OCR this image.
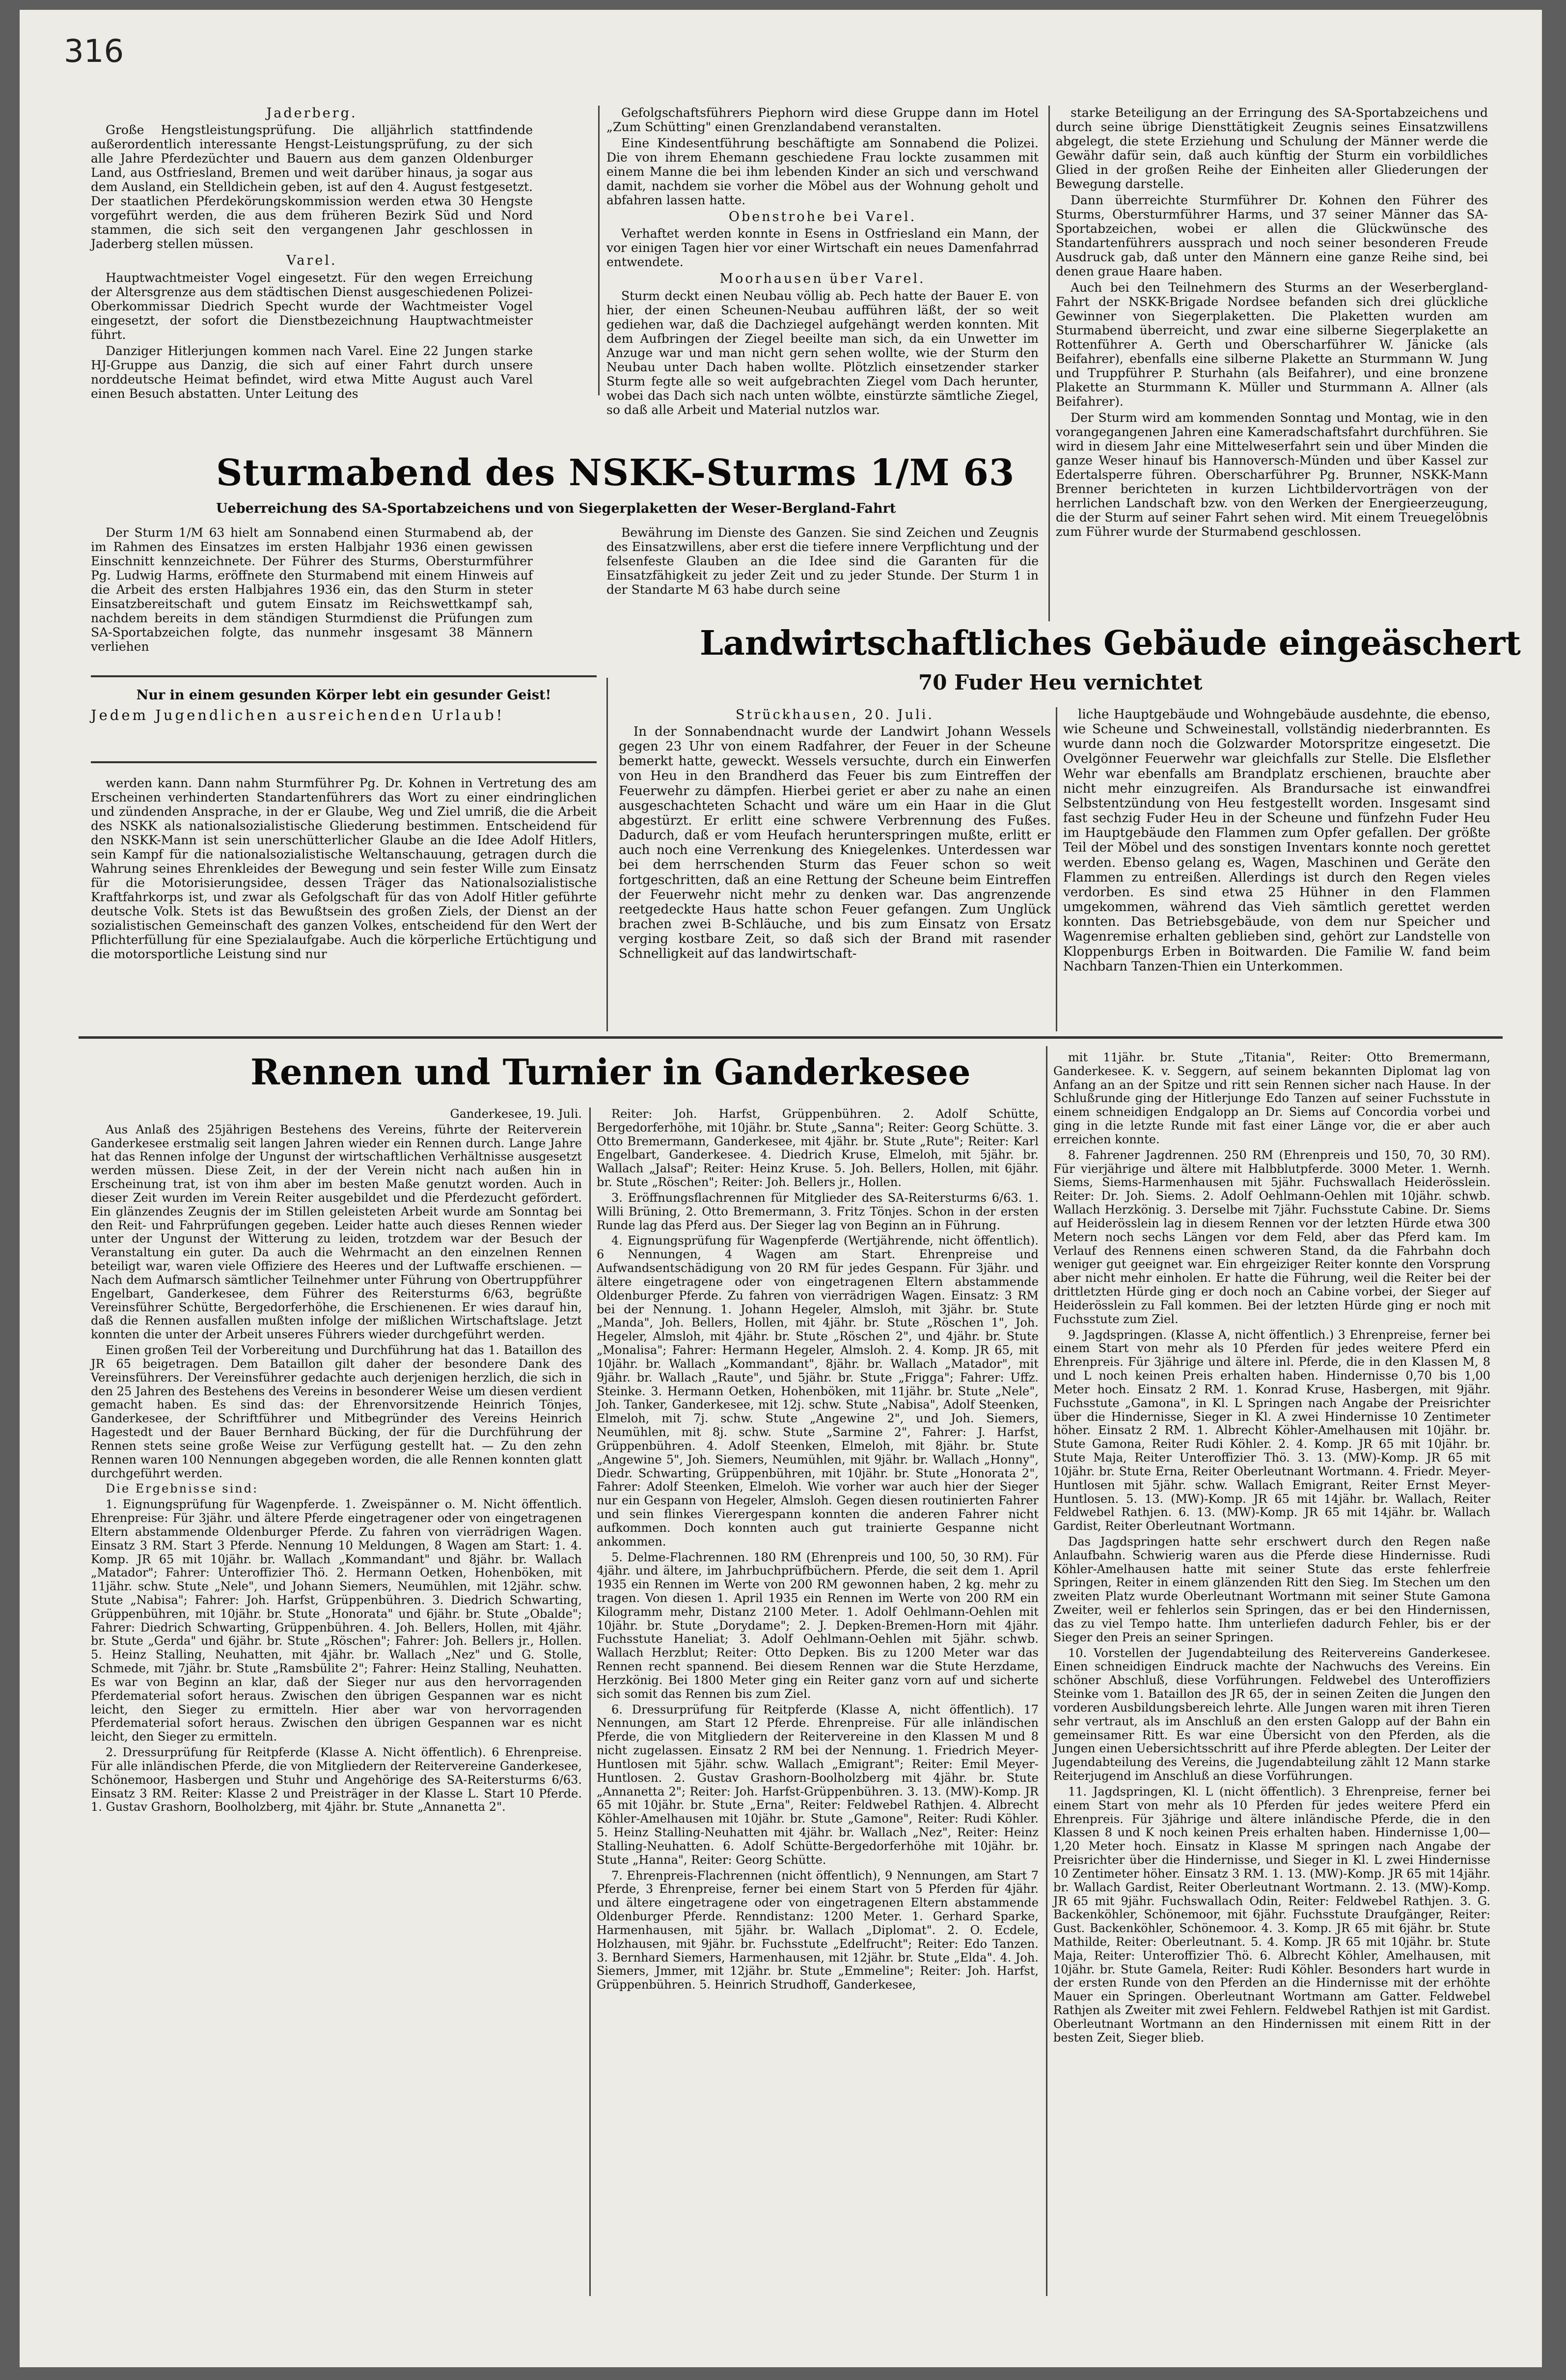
316
Jaderberg.

Große Hengstleistungsprüfung. Die alljährlich stattfindende außerordentlich interessante Hengst-Leistungsprüfung, zu der sich alle Jahre Pferdezüchter und Bauern aus dem ganzen Oldenburger Land, aus Ostfriesland, Bremen und weit darüber hinaus, ja sogar aus dem Ausland, ein Stelldichein geben, ist auf den 4. August festgesetzt. Der staatlichen Pferdekörungskommission werden etwa 30 Hengste vorgeführt werden, die aus dem früheren Bezirk Süd und Nord stammen, die sich seit den vergangenen Jahr geschlossen in Jaderberg stellen müssen.

Varel.

Hauptwachtmeister Vogel eingesetzt. Für den wegen Erreichung der Altersgrenze aus dem städtischen Dienst ausgeschiedenen Polizei-Oberkommissar Diedrich Specht wurde der Wachtmeister Vogel eingesetzt, der sofort die Dienstbezeichnung Hauptwachtmeister führt.

Danziger Hitlerjungen kommen nach Varel. Eine 22 Jungen starke HJ-Gruppe aus Danzig, die sich auf einer Fahrt durch unsere norddeutsche Heimat befindet, wird etwa Mitte August auch Varel einen Besuch abstatten. Unter Leitung des

Gefolgschaftsführers Piephorn wird diese Gruppe dann im Hotel „Zum Schütting" einen Grenzlandabend veranstalten.

Eine Kindesentführung beschäftigte am Sonnabend die Polizei. Die von ihrem Ehemann geschiedene Frau lockte zusammen mit einem Manne die bei ihm lebenden Kinder an sich und verschwand damit, nachdem sie vorher die Möbel aus der Wohnung geholt und abfahren lassen hatte.

Obenstrohe bei Varel.

Verhaftet werden konnte in Esens in Ostfriesland ein Mann, der vor einigen Tagen hier vor einer Wirtschaft ein neues Damenfahrrad entwendete.

Moorhausen über Varel.

Sturm deckt einen Neubau völlig ab. Pech hatte der Bauer E. von hier, der einen Scheunen-Neubau aufführen läßt, der so weit gediehen war, daß die Dachziegel aufgehängt werden konnten. Mit dem Aufbringen der Ziegel beeilte man sich, da ein Unwetter im Anzuge war und man nicht gern sehen wollte, wie der Sturm den Neubau unter Dach haben wollte. Plötzlich einsetzender starker Sturm fegte alle so weit aufgebrachten Ziegel vom Dach herunter, wobei das Dach sich nach unten wölbte, einstürzte sämtliche Ziegel, so daß alle Arbeit und Material nutzlos war.

starke Beteiligung an der Erringung des SA-Sportabzeichens und durch seine übrige Diensttätigkeit Zeugnis seines Einsatzwillens abgelegt, die stete Erziehung und Schulung der Männer werde die Gewähr dafür sein, daß auch künftig der Sturm ein vorbildliches Glied in der großen Reihe der Einheiten aller Gliederungen der Bewegung darstelle.

Dann überreichte Sturmführer Dr. Kohnen den Führer des Sturms, Obersturmführer Harms, und 37 seiner Männer das SA-Sportabzeichen, wobei er allen die Glückwünsche des Standartenführers aussprach und noch seiner besonderen Freude Ausdruck gab, daß unter den Männern eine ganze Reihe sind, bei denen graue Haare haben.

Auch bei den Teilnehmern des Sturms an der Weserbergland-Fahrt der NSKK-Brigade Nordsee befanden sich drei glückliche Gewinner von Siegerplaketten. Die Plaketten wurden am Sturmabend überreicht, und zwar eine silberne Siegerplakette an Rottenführer A. Gerth und Oberscharführer W. Jänicke (als Beifahrer), ebenfalls eine silberne Plakette an Sturmmann W. Jung und Truppführer P. Sturhahn (als Beifahrer), und eine bronzene Plakette an Sturmmann K. Müller und Sturmmann A. Allner (als Beifahrer).

Der Sturm wird am kommenden Sonntag und Montag, wie in den vorangegangenen Jahren eine Kameradschaftsfahrt durchführen. Sie wird in diesem Jahr eine Mittelweserfahrt sein und über Minden die ganze Weser hinauf bis Hannoversch-Münden und über Kassel zur Edertalsperre führen. Oberscharführer Pg. Brunner, NSKK-Mann Brenner berichteten in kurzen Lichtbildervorträgen von der herrlichen Landschaft bzw. von den Werken der Energieerzeugung, die der Sturm auf seiner Fahrt sehen wird. Mit einem Treuegelöbnis zum Führer wurde der Sturmabend geschlossen.

Sturmabend des NSKK-Sturms 1/M 63
Ueberreichung des SA-Sportabzeichens und von Siegerplaketten der Weser-Bergland-Fahrt

Der Sturm 1/M 63 hielt am Sonnabend einen Sturmabend ab, der im Rahmen des Einsatzes im ersten Halbjahr 1936 einen gewissen Einschnitt kennzeichnete. Der Führer des Sturms, Obersturmführer Pg. Ludwig Harms, eröffnete den Sturmabend mit einem Hinweis auf die Arbeit des ersten Halbjahres 1936 ein, das den Sturm in steter Einsatzbereitschaft und gutem Einsatz im Reichswettkampf sah, nachdem bereits in dem ständigen Sturmdienst die Prüfungen zum SA-Sportabzeichen folgte, das nunmehr insgesamt 38 Männern verliehen

Bewährung im Dienste des Ganzen. Sie sind Zeichen und Zeugnis des Einsatzwillens, aber erst die tiefere innere Verpflichtung und der felsenfeste Glauben an die Idee sind die Garanten für die Einsatzfähigkeit zu jeder Zeit und zu jeder Stunde. Der Sturm 1 in der Standarte M 63 habe durch seine

Nur in einem gesunden Körper lebt ein gesunder Geist!
Jedem Jugendlichen ausreichenden Urlaub!

werden kann. Dann nahm Sturmführer Pg. Dr. Kohnen in Vertretung des am Erscheinen verhinderten Standartenführers das Wort zu einer eindringlichen und zündenden Ansprache, in der er Glaube, Weg und Ziel umriß, die die Arbeit des NSKK als nationalsozialistische Gliederung bestimmen. Entscheidend für den NSKK-Mann ist sein unerschütterlicher Glaube an die Idee Adolf Hitlers, sein Kampf für die nationalsozialistische Weltanschauung, getragen durch die Wahrung seines Ehrenkleides der Bewegung und sein fester Wille zum Einsatz für die Motorisierungsidee, dessen Träger das Nationalsozialistische Kraftfahrkorps ist, und zwar als Gefolgschaft für das von Adolf Hitler geführte deutsche Volk. Stets ist das Bewußtsein des großen Ziels, der Dienst an der sozialistischen Gemeinschaft des ganzen Volkes, entscheidend für den Wert der Pflichterfüllung für eine Spezialaufgabe. Auch die körperliche Ertüchtigung und die motorsportliche Leistung sind nur

Landwirtschaftliches Gebäude eingeäschert
70 Fuder Heu vernichtet
Strückhausen, 20. Juli.

In der Sonnabendnacht wurde der Landwirt Johann Wessels gegen 23 Uhr von einem Radfahrer, der Feuer in der Scheune bemerkt hatte, geweckt. Wessels versuchte, durch ein Einwerfen von Heu in den Brandherd das Feuer bis zum Eintreffen der Feuerwehr zu dämpfen. Hierbei geriet er aber zu nahe an einen ausgeschachteten Schacht und wäre um ein Haar in die Glut abgestürzt. Er erlitt eine schwere Verbrennung des Fußes. Dadurch, daß er vom Heufach herunterspringen mußte, erlitt er auch noch eine Verrenkung des Kniegelenkes. Unterdessen war bei dem herrschenden Sturm das Feuer schon so weit fortgeschritten, daß an eine Rettung der Scheune beim Eintreffen der Feuerwehr nicht mehr zu denken war. Das angrenzende reetgedeckte Haus hatte schon Feuer gefangen. Zum Unglück brachen zwei B-Schläuche, und bis zum Einsatz von Ersatz verging kostbare Zeit, so daß sich der Brand mit rasender Schnelligkeit auf das landwirtschaft-

liche Hauptgebäude und Wohngebäude ausdehnte, die ebenso, wie Scheune und Schweinestall, vollständig niederbrannten. Es wurde dann noch die Golzwarder Motorspritze eingesetzt. Die Ovelgönner Feuerwehr war gleichfalls zur Stelle. Die Elsflether Wehr war ebenfalls am Brandplatz erschienen, brauchte aber nicht mehr einzugreifen. Als Brandursache ist einwandfrei Selbstentzündung von Heu festgestellt worden. Insgesamt sind fast sechzig Fuder Heu in der Scheune und fünfzehn Fuder Heu im Hauptgebäude den Flammen zum Opfer gefallen. Der größte Teil der Möbel und des sonstigen Inventars konnte noch gerettet werden. Ebenso gelang es, Wagen, Maschinen und Geräte den Flammen zu entreißen. Allerdings ist durch den Regen vieles verdorben. Es sind etwa 25 Hühner in den Flammen umgekommen, während das Vieh sämtlich gerettet werden konnten. Das Betriebsgebäude, von dem nur Speicher und Wagenremise erhalten geblieben sind, gehört zur Landstelle von Kloppenburgs Erben in Boitwarden. Die Familie W. fand beim Nachbarn Tanzen-Thien ein Unterkommen.

Rennen und Turnier in Ganderkesee

Ganderkesee, 19. Juli.

Aus Anlaß des 25jährigen Bestehens des Vereins, führte der Reiterverein Ganderkesee erstmalig seit langen Jahren wieder ein Rennen durch. Lange Jahre hat das Rennen infolge der Ungunst der wirtschaftlichen Verhältnisse ausgesetzt werden müssen. Diese Zeit, in der der Verein nicht nach außen hin in Erscheinung trat, ist von ihm aber im besten Maße genutzt worden. Auch in dieser Zeit wurden im Verein Reiter ausgebildet und die Pferdezucht gefördert. Ein glänzendes Zeugnis der im Stillen geleisteten Arbeit wurde am Sonntag bei den Reit- und Fahrprüfungen gegeben. Leider hatte auch dieses Rennen wieder unter der Ungunst der Witterung zu leiden, trotzdem war der Besuch der Veranstaltung ein guter. Da auch die Wehrmacht an den einzelnen Rennen beteiligt war, waren viele Offiziere des Heeres und der Luftwaffe erschienen. — Nach dem Aufmarsch sämtlicher Teilnehmer unter Führung von Obertruppführer Engelbart, Ganderkesee, dem Führer des Reitersturms 6/63, begrüßte Vereinsführer Schütte, Bergedorferhöhe, die Erschienenen. Er wies darauf hin, daß die Rennen ausfallen mußten infolge der mißlichen Wirtschaftslage. Jetzt konnten die unter der Arbeit unseres Führers wieder durchgeführt werden.

Einen großen Teil der Vorbereitung und Durchführung hat das 1. Bataillon des JR 65 beigetragen. Dem Bataillon gilt daher der besondere Dank des Vereinsführers. Der Vereinsführer gedachte auch derjenigen herzlich, die sich in den 25 Jahren des Bestehens des Vereins in besonderer Weise um diesen verdient gemacht haben. Es sind das: der Ehrenvorsitzende Heinrich Tönjes, Ganderkesee, der Schriftführer und Mitbegründer des Vereins Heinrich Hagestedt und der Bauer Bernhard Bücking, der für die Durchführung der Rennen stets seine große Weise zur Verfügung gestellt hat. — Zu den zehn Rennen waren 100 Nennungen abgegeben worden, die alle Rennen konnten glatt durchgeführt werden.

Die Ergebnisse sind:

1. Eignungsprüfung für Wagenpferde. 1. Zweispänner o. M. Nicht öffentlich. Ehrenpreise: Für 3jähr. und ältere Pferde eingetragener oder von eingetragenen Eltern abstammende Oldenburger Pferde. Zu fahren von vierrädrigen Wagen. Einsatz 3 RM. Start 3 Pferde. Nennung 10 Meldungen, 8 Wagen am Start: 1. 4. Komp. JR 65 mit 10jähr. br. Wallach „Kommandant" und 8jähr. br. Wallach „Matador"; Fahrer: Unteroffizier Thö. 2. Hermann Oetken, Hohenböken, mit 11jähr. schw. Stute „Nele", und Johann Siemers, Neumühlen, mit 12jähr. schw. Stute „Nabisa"; Fahrer: Joh. Harfst, Grüppenbühren. 3. Diedrich Schwarting, Grüppenbühren, mit 10jähr. br. Stute „Honorata" und 6jähr. br. Stute „Obalde"; Fahrer: Diedrich Schwarting, Grüppenbühren. 4. Joh. Bellers, Hollen, mit 4jähr. br. Stute „Gerda" und 6jähr. br. Stute „Röschen"; Fahrer: Joh. Bellers jr., Hollen. 5. Heinz Stalling, Neuhatten, mit 4jähr. br. Wallach „Nez" und G. Stolle, Schmede, mit 7jähr. br. Stute „Ramsbülite 2"; Fahrer: Heinz Stalling, Neuhatten. Es war von Beginn an klar, daß der Sieger nur aus den hervorragenden Pferdematerial sofort heraus. Zwischen den übrigen Gespannen war es nicht leicht, den Sieger zu ermitteln. Hier aber war von hervorragenden Pferdematerial sofort heraus. Zwischen den übrigen Gespannen war es nicht leicht, den Sieger zu ermitteln.

2. Dressurprüfung für Reitpferde (Klasse A. Nicht öffentlich). 6 Ehrenpreise. Für alle inländischen Pferde, die von Mitgliedern der Reitervereine Ganderkesee, Schönemoor, Hasbergen und Stuhr und Angehörige des SA-Reitersturms 6/63. Einsatz 3 RM. Reiter: Klasse 2 und Preisträger in der Klasse L. Start 10 Pferde. 1. Gustav Grashorn, Boolholzberg, mit 4jähr. br. Stute „Annanetta 2".

Reiter: Joh. Harfst, Grüppenbühren. 2. Adolf Schütte, Bergedorferhöhe, mit 10jähr. br. Stute „Sanna"; Reiter: Georg Schütte. 3. Otto Bremermann, Ganderkesee, mit 4jähr. br. Stute „Rute"; Reiter: Karl Engelbart, Ganderkesee. 4. Diedrich Kruse, Elmeloh, mit 5jähr. br. Wallach „Jalsaf"; Reiter: Heinz Kruse. 5. Joh. Bellers, Hollen, mit 6jähr. br. Stute „Röschen"; Reiter: Joh. Bellers jr., Hollen.

3. Eröffnungsflachrennen für Mitglieder des SA-Reitersturms 6/63. 1. Willi Brüning, 2. Otto Bremermann, 3. Fritz Tönjes. Schon in der ersten Runde lag das Pferd aus. Der Sieger lag von Beginn an in Führung.

4. Eignungsprüfung für Wagenpferde (Wertjährende, nicht öffentlich). 6 Nennungen, 4 Wagen am Start. Ehrenpreise und Aufwandsentschädigung von 20 RM für jedes Gespann. Für 3jähr. und ältere eingetragene oder von eingetragenen Eltern abstammende Oldenburger Pferde. Zu fahren von vierrädrigen Wagen. Einsatz: 3 RM bei der Nennung. 1. Johann Hegeler, Almsloh, mit 3jähr. br. Stute „Manda", Joh. Bellers, Hollen, mit 4jähr. br. Stute „Röschen 1", Joh. Hegeler, Almsloh, mit 4jähr. br. Stute „Röschen 2", und 4jähr. br. Stute „Monalisa"; Fahrer: Hermann Hegeler, Almsloh. 2. 4. Komp. JR 65, mit 10jähr. br. Wallach „Kommandant", 8jähr. br. Wallach „Matador", mit 9jähr. br. Wallach „Raute", und 5jähr. br. Stute „Frigga"; Fahrer: Uffz. Steinke. 3. Hermann Oetken, Hohenböken, mit 11jähr. br. Stute „Nele", Joh. Tanker, Ganderkesee, mit 12j. schw. Stute „Nabisa", Adolf Steenken, Elmeloh, mit 7j. schw. Stute „Angewine 2", und Joh. Siemers, Neumühlen, mit 8j. schw. Stute „Sarmine 2", Fahrer: J. Harfst, Grüppenbühren. 4. Adolf Steenken, Elmeloh, mit 8jähr. br. Stute „Angewine 5", Joh. Siemers, Neumühlen, mit 9jähr. br. Wallach „Honny", Diedr. Schwarting, Grüppenbühren, mit 10jähr. br. Stute „Honorata 2", Fahrer: Adolf Steenken, Elmeloh. Wie vorher war auch hier der Sieger nur ein Gespann von Hegeler, Almsloh. Gegen diesen routinierten Fahrer und sein flinkes Vierergespann konnten die anderen Fahrer nicht aufkommen. Doch konnten auch gut trainierte Gespanne nicht ankommen.

5. Delme-Flachrennen. 180 RM (Ehrenpreis und 100, 50, 30 RM). Für 4jähr. und ältere, im Jahrbuchprüfbüchern. Pferde, die seit dem 1. April 1935 ein Rennen im Werte von 200 RM gewonnen haben, 2 kg. mehr zu tragen. Von diesen 1. April 1935 ein Rennen im Werte von 200 RM ein Kilogramm mehr, Distanz 2100 Meter. 1. Adolf Oehlmann-Oehlen mit 10jähr. br. Stute „Dorydame"; 2. J. Depken-Bremen-Horn mit 4jähr. Fuchsstute Haneliat; 3. Adolf Oehlmann-Oehlen mit 5jähr. schwb. Wallach Herzblut; Reiter: Otto Depken. Bis zu 1200 Meter war das Rennen recht spannend. Bei diesem Rennen war die Stute Herzdame, Herzkönig. Bei 1800 Meter ging ein Reiter ganz vorn auf und sicherte sich somit das Rennen bis zum Ziel.

6. Dressurprüfung für Reitpferde (Klasse A, nicht öffentlich). 17 Nennungen, am Start 12 Pferde. Ehrenpreise. Für alle inländischen Pferde, die von Mitgliedern der Reitervereine in den Klassen M und 8 nicht zugelassen. Einsatz 2 RM bei der Nennung. 1. Friedrich Meyer-Huntlosen mit 5jähr. schw. Wallach „Emigrant"; Reiter: Emil Meyer-Huntlosen. 2. Gustav Grashorn-Boolholzberg mit 4jähr. br. Stute „Annanetta 2"; Reiter: Joh. Harfst-Grüppenbühren. 3. 13. (MW)-Komp. JR 65 mit 10jähr. br. Stute „Erna", Reiter: Feldwebel Rathjen. 4. Albrecht Köhler-Amelhausen mit 10jähr. br. Stute „Gamone", Reiter: Rudi Köhler. 5. Heinz Stalling-Neuhatten mit 4jähr. br. Wallach „Nez", Reiter: Heinz Stalling-Neuhatten. 6. Adolf Schütte-Bergedorferhöhe mit 10jähr. br. Stute „Hanna", Reiter: Georg Schütte.

7. Ehrenpreis-Flachrennen (nicht öffentlich), 9 Nennungen, am Start 7 Pferde, 3 Ehrenpreise, ferner bei einem Start von 5 Pferden für 4jähr. und ältere eingetragene oder von eingetragenen Eltern abstammende Oldenburger Pferde. Renndistanz: 1200 Meter. 1. Gerhard Sparke, Harmenhausen, mit 5jähr. br. Wallach „Diplomat". 2. O. Ecdele, Holzhausen, mit 9jähr. br. Fuchsstute „Edelfrucht"; Reiter: Edo Tanzen. 3. Bernhard Siemers, Harmenhausen, mit 12jähr. br. Stute „Elda". 4. Joh. Siemers, Jmmer, mit 12jähr. br. Stute „Emmeline"; Reiter: Joh. Harfst, Grüppenbühren. 5. Heinrich Strudhoff, Ganderkesee,

mit 11jähr. br. Stute „Titania", Reiter: Otto Bremermann, Ganderkesee. K. v. Seggern, auf seinem bekannten Diplomat lag von Anfang an an der Spitze und ritt sein Rennen sicher nach Hause. In der Schlußrunde ging der Hitlerjunge Edo Tanzen auf seiner Fuchsstute in einem schneidigen Endgalopp an Dr. Siems auf Concordia vorbei und ging in die letzte Runde mit fast einer Länge vor, die er aber auch erreichen konnte.

8. Fahrener Jagdrennen. 250 RM (Ehrenpreis und 150, 70, 30 RM). Für vierjährige und ältere mit Halbblutpferde. 3000 Meter. 1. Wernh. Siems, Siems-Harmenhausen mit 5jähr. Fuchswallach Heiderösslein. Reiter: Dr. Joh. Siems. 2. Adolf Oehlmann-Oehlen mit 10jähr. schwb. Wallach Herzkönig. 3. Derselbe mit 7jähr. Fuchsstute Cabine. Dr. Siems auf Heiderösslein lag in diesem Rennen vor der letzten Hürde etwa 300 Metern noch sechs Längen vor dem Feld, aber das Pferd kam. Im Verlauf des Rennens einen schweren Stand, da die Fahrbahn doch weniger gut geeignet war. Ein ehrgeiziger Reiter konnte den Vorsprung aber nicht mehr einholen. Er hatte die Führung, weil die Reiter bei der drittletzten Hürde ging er doch noch an Cabine vorbei, der Sieger auf Heiderösslein zu Fall kommen. Bei der letzten Hürde ging er noch mit Fuchsstute zum Ziel.

9. Jagdspringen. (Klasse A, nicht öffentlich.) 3 Ehrenpreise, ferner bei einem Start von mehr als 10 Pferden für jedes weitere Pferd ein Ehrenpreis. Für 3jährige und ältere inl. Pferde, die in den Klassen M, 8 und L noch keinen Preis erhalten haben. Hindernisse 0,70 bis 1,00 Meter hoch. Einsatz 2 RM. 1. Konrad Kruse, Hasbergen, mit 9jähr. Fuchsstute „Gamona", in Kl. L Springen nach Angabe der Preisrichter über die Hindernisse, Sieger in Kl. A zwei Hindernisse 10 Zentimeter höher. Einsatz 2 RM. 1. Albrecht Köhler-Amelhausen mit 10jähr. br. Stute Gamona, Reiter Rudi Köhler. 2. 4. Komp. JR 65 mit 10jähr. br. Stute Maja, Reiter Unteroffizier Thö. 3. 13. (MW)-Komp. JR 65 mit 10jähr. br. Stute Erna, Reiter Oberleutnant Wortmann. 4. Friedr. Meyer-Huntlosen mit 5jähr. schw. Wallach Emigrant, Reiter Ernst Meyer-Huntlosen. 5. 13. (MW)-Komp. JR 65 mit 14jähr. br. Wallach, Reiter Feldwebel Rathjen. 6. 13. (MW)-Komp. JR 65 mit 14jähr. br. Wallach Gardist, Reiter Oberleutnant Wortmann.

Das Jagdspringen hatte sehr erschwert durch den Regen naße Anlaufbahn. Schwierig waren aus die Pferde diese Hindernisse. Rudi Köhler-Amelhausen hatte mit seiner Stute das erste fehlerfreie Springen, Reiter in einem glänzenden Ritt den Sieg. Im Stechen um den zweiten Platz wurde Oberleutnant Wortmann mit seiner Stute Gamona Zweiter, weil er fehlerlos sein Springen, das er bei den Hindernissen, das zu viel Tempo hatte. Ihm unterliefen dadurch Fehler, bis er der Sieger den Preis an seiner Springen.

10. Vorstellen der Jugendabteilung des Reitervereins Ganderkesee. Einen schneidigen Eindruck machte der Nachwuchs des Vereins. Ein schöner Abschluß, diese Vorführungen. Feldwebel des Unteroffiziers Steinke vom 1. Bataillon des JR 65, der in seinen Zeiten die Jungen den vorderen Ausbildungsbereich lehrte. Alle Jungen waren mit ihren Tieren sehr vertraut, als im Anschluß an den ersten Galopp auf der Bahn ein gemeinsamer Ritt. Es war eine Übersicht von den Pferden, als die Jungen einen Uebersichtsschritt auf ihre Pferde ablegten. Der Leiter der Jugendabteilung des Vereins, die Jugendabteilung zählt 12 Mann starke Reiterjugend im Anschluß an diese Vorführungen.

11. Jagdspringen, Kl. L (nicht öffentlich). 3 Ehrenpreise, ferner bei einem Start von mehr als 10 Pferden für jedes weitere Pferd ein Ehrenpreis. Für 3jährige und ältere inländische Pferde, die in den Klassen 8 und K noch keinen Preis erhalten haben. Hindernisse 1,00—1,20 Meter hoch. Einsatz in Klasse M springen nach Angabe der Preisrichter über die Hindernisse, und Sieger in Kl. L zwei Hindernisse 10 Zentimeter höher. Einsatz 3 RM. 1. 13. (MW)-Komp. JR 65 mit 14jähr. br. Wallach Gardist, Reiter Oberleutnant Wortmann. 2. 13. (MW)-Komp. JR 65 mit 9jähr. Fuchswallach Odin, Reiter: Feldwebel Rathjen. 3. G. Backenköhler, Schönemoor, mit 6jähr. Fuchsstute Draufgänger, Reiter: Gust. Backenköhler, Schönemoor. 4. 3. Komp. JR 65 mit 6jähr. br. Stute Mathilde, Reiter: Oberleutnant. 5. 4. Komp. JR 65 mit 10jähr. br. Stute Maja, Reiter: Unteroffizier Thö. 6. Albrecht Köhler, Amelhausen, mit 10jähr. br. Stute Gamela, Reiter: Rudi Köhler. Besonders hart wurde in der ersten Runde von den Pferden an die Hindernisse mit der erhöhte Mauer ein Springen. Oberleutnant Wortmann am Gatter. Feldwebel Rathjen als Zweiter mit zwei Fehlern. Feldwebel Rathjen ist mit Gardist. Oberleutnant Wortmann an den Hindernissen mit einem Ritt in der besten Zeit, Sieger blieb.
